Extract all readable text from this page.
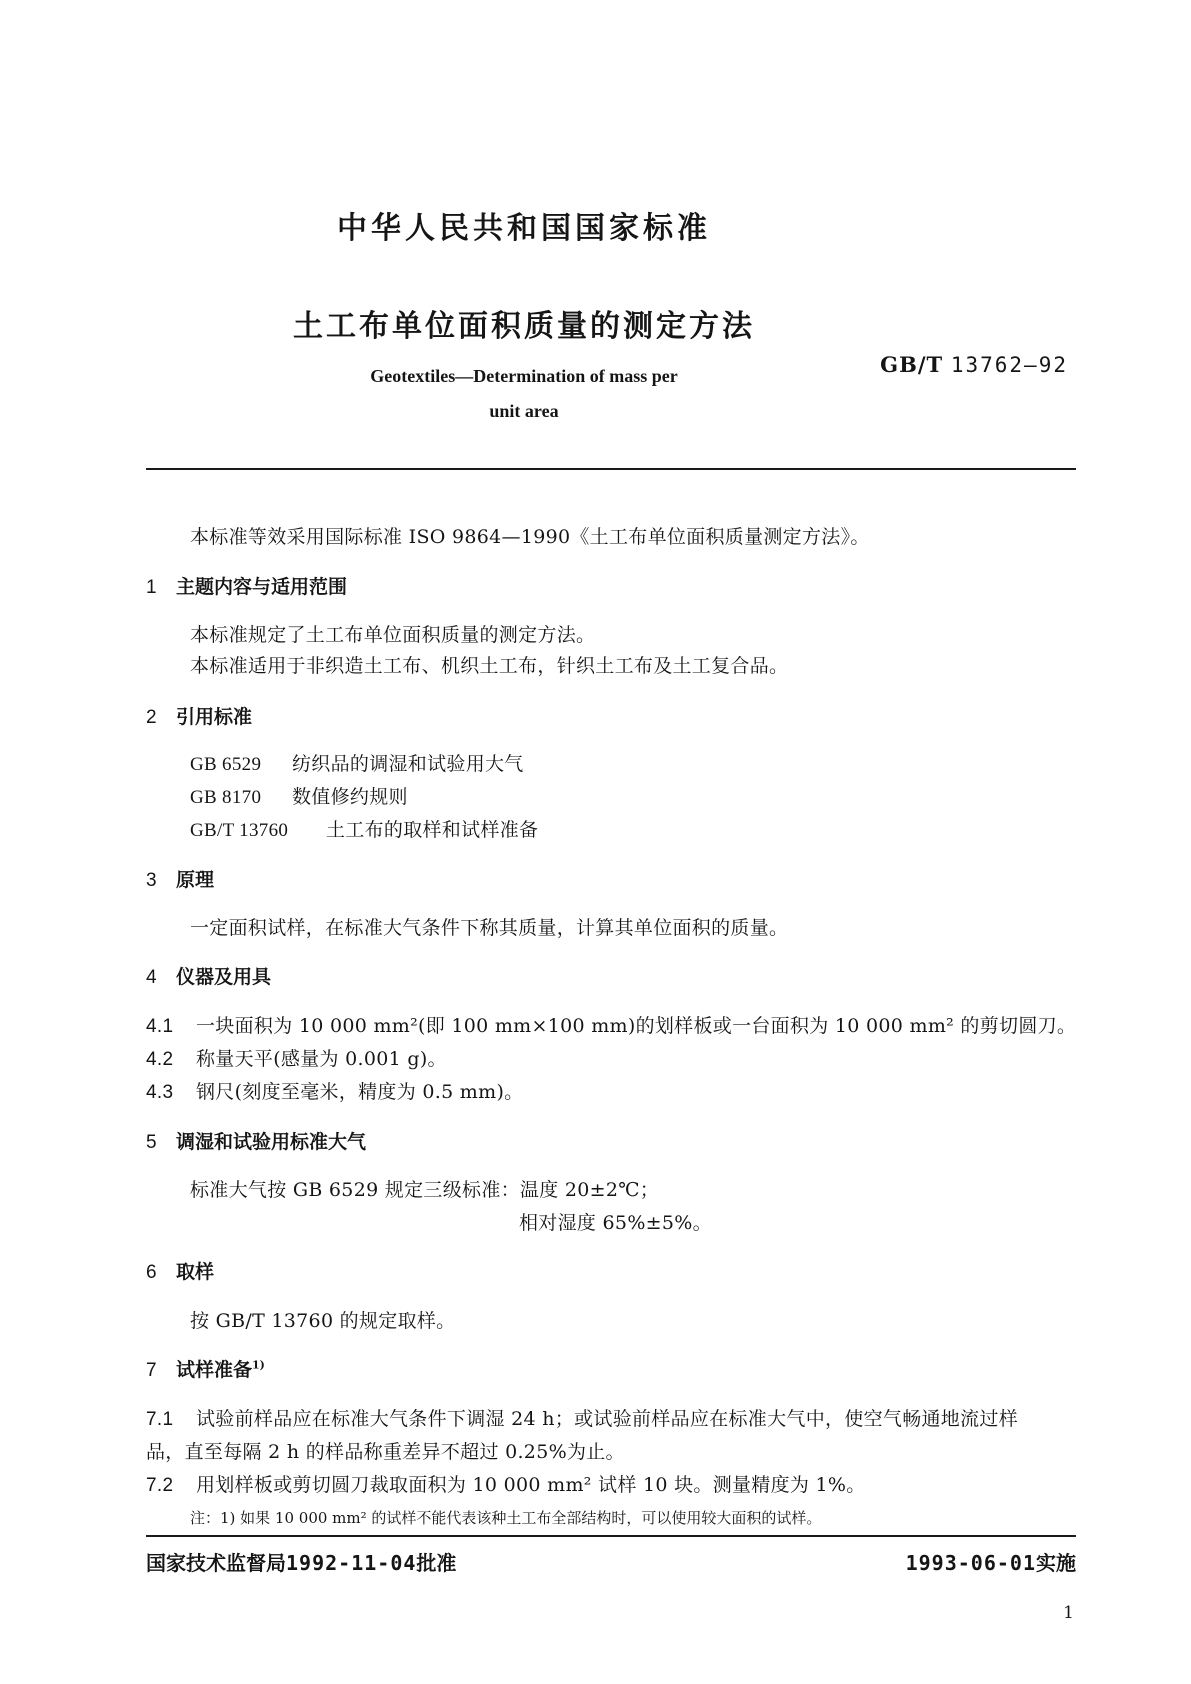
中华人民共和国国家标准
土工布单位面积质量的测定方法
GB/T 13762—92
Geotextiles—Determination of mass per
unit area
本标准等效采用国际标准 ISO 9864—1990《土工布单位面积质量测定方法》。
1 主题内容与适用范围
本标准规定了土工布单位面积质量的测定方法。
本标准适用于非织造土工布、机织土工布，针织土工布及土工复合品。
2 引用标准
GB 6529 纺织品的调湿和试验用大气
GB 8170 数值修约规则
GB/T 13760 土工布的取样和试样准备
3 原理
一定面积试样，在标准大气条件下称其质量，计算其单位面积的质量。
4 仪器及用具
4.1 一块面积为 10 000 mm²(即 100 mm×100 mm)的划样板或一台面积为 10 000 mm² 的剪切圆刀。
4.2 称量天平(感量为 0.001 g)。
4.3 钢尺(刻度至毫米，精度为 0.5 mm)。
5 调湿和试验用标准大气
标准大气按 GB 6529 规定三级标准：温度 20±2℃；
相对湿度 65%±5%。
6 取样
按 GB/T 13760 的规定取样。
7 试样准备$^{1)}$
7.1 试验前样品应在标准大气条件下调湿 24 h；或试验前样品应在标准大气中，使空气畅通地流过样
品，直至每隔 2 h 的样品称重差异不超过 0.25%为止。
7.2 用划样板或剪切圆刀裁取面积为 10 000 mm² 试样 10 块。测量精度为 1%。
注：1) 如果 10 000 mm² 的试样不能代表该种土工布全部结构时，可以使用较大面积的试样。
国家技术监督局1992-11-04批准	1993-06-01实施
1
